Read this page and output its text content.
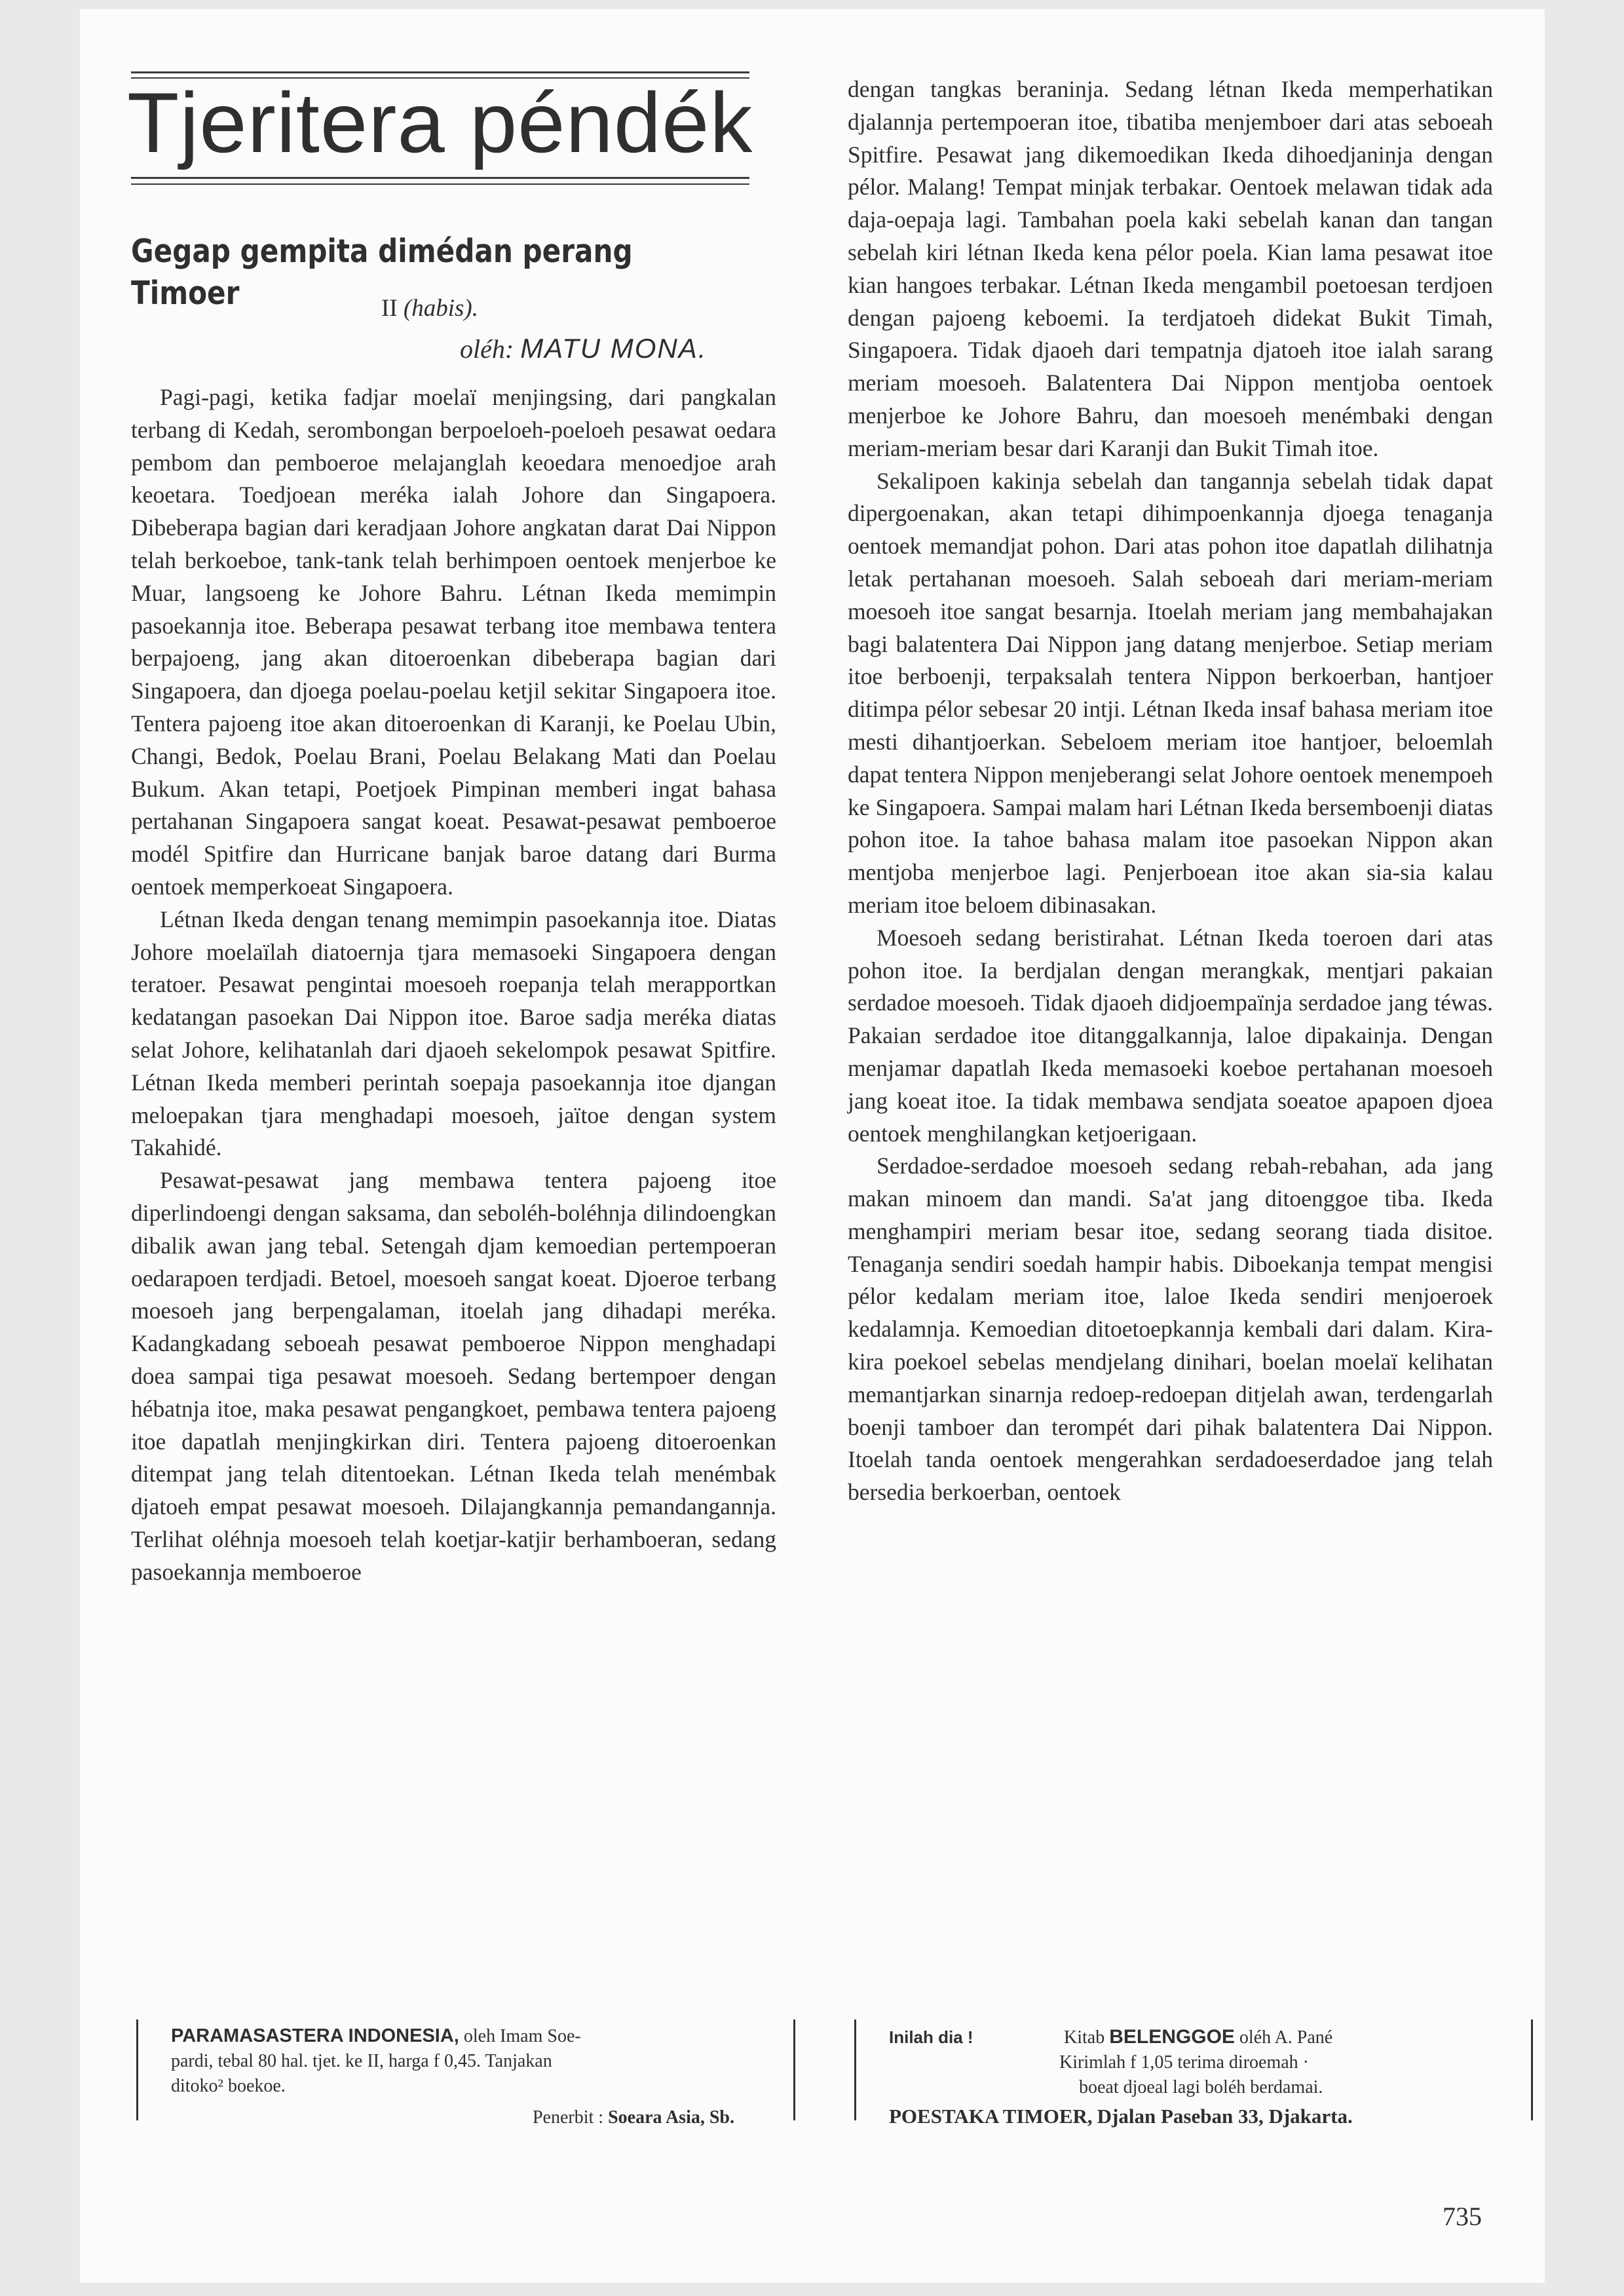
Tjeritera péndék
Gegap gempita dimédan perang Timoer	II (habis).
oléh: MATU MONA.

Pagi-pagi, ketika fadjar moelaï menjingsing, dari pangkalan terbang di Kedah, serombongan berpoeloeh-poeloeh pesawat oedara pembom dan pemboeroe melajanglah keoedara menoedjoe arah keoetara. Toedjoean meréka ialah Johore dan Singapoera. Dibeberapa bagian dari keradjaan Johore angkatan darat Dai Nippon telah berkoeboe, tank-tank telah berhimpoen oentoek menjerboe ke Muar, langsoeng ke Johore Bahru. Létnan Ikeda memimpin pasoekannja itoe. Beberapa pesawat terbang itoe membawa tentera berpajoeng, jang akan ditoeroenkan dibeberapa bagian dari Singapoera, dan djoega poelau-poelau ketjil sekitar Singapoera itoe. Tentera pajoeng itoe akan ditoeroenkan di Karanji, ke Poelau Ubin, Changi, Bedok, Poelau Brani, Poelau Belakang Mati dan Poelau Bukum. Akan tetapi, Poetjoek Pimpinan memberi ingat bahasa pertahanan Singapoera sangat koeat. Pesawat-pesawat pemboeroe modél Spitfire dan Hurricane banjak baroe datang dari Burma oentoek memperkoeat Singapoera.

Létnan Ikeda dengan tenang memimpin pasoekannja itoe. Diatas Johore moelaïlah diatoernja tjara memasoeki Singapoera dengan teratoer. Pesawat pengintai moesoeh roepanja telah merapportkan kedatangan pasoekan Dai Nippon itoe. Baroe sadja meréka diatas selat Johore, kelihatanlah dari djaoeh sekelompok pesawat Spitfire. Létnan Ikeda memberi perintah soepaja pasoekannja itoe djangan meloepakan tjara menghadapi moesoeh, jaïtoe dengan system Takahidé.

Pesawat-pesawat jang membawa tentera pajoeng itoe diperlindoengi dengan saksama, dan seboléh-boléhnja dilindoengkan dibalik awan jang tebal. Setengah djam kemoedian pertempoeran oedarapoen terdjadi. Betoel, moesoeh sangat koeat. Djoeroe terbang moesoeh jang berpengalaman, itoelah jang dihadapi meréka. Kadangkadang seboeah pesawat pemboeroe Nippon menghadapi doea sampai tiga pesawat moesoeh. Sedang bertempoer dengan hébatnja itoe, maka pesawat pengangkoet, pembawa tentera pajoeng itoe dapatlah menjingkirkan diri. Tentera pajoeng ditoeroenkan ditempat jang telah ditentoekan. Létnan Ikeda telah menémbak djatoeh empat pesawat moesoeh. Dilajangkannja pemandangannja. Terlihat oléhnja moesoeh telah koetjar-katjir berhamboeran, sedang pasoekannja memboeroe

dengan tangkas beraninja. Sedang létnan Ikeda memperhatikan djalannja pertempoeran itoe, tibatiba menjemboer dari atas seboeah Spitfire. Pesawat jang dikemoedikan Ikeda dihoedjaninja dengan pélor. Malang! Tempat minjak terbakar. Oentoek melawan tidak ada daja-oepaja lagi. Tambahan poela kaki sebelah kanan dan tangan sebelah kiri létnan Ikeda kena pélor poela. Kian lama pesawat itoe kian hangoes terbakar. Létnan Ikeda mengambil poetoesan terdjoen dengan pajoeng keboemi. Ia terdjatoeh didekat Bukit Timah, Singapoera. Tidak djaoeh dari tempatnja djatoeh itoe ialah sarang meriam moesoeh. Balatentera Dai Nippon mentjoba oentoek menjerboe ke Johore Bahru, dan moesoeh menémbaki dengan meriam-meriam besar dari Karanji dan Bukit Timah itoe.

Sekalipoen kakinja sebelah dan tangannja sebelah tidak dapat dipergoenakan, akan tetapi dihimpoenkannja djoega tenaganja oentoek memandjat pohon. Dari atas pohon itoe dapatlah dilihatnja letak pertahanan moesoeh. Salah seboeah dari meriam-meriam moesoeh itoe sangat besarnja. Itoelah meriam jang membahajakan bagi balatentera Dai Nippon jang datang menjerboe. Setiap meriam itoe berboenji, terpaksalah tentera Nippon berkoerban, hantjoer ditimpa pélor sebesar 20 intji. Létnan Ikeda insaf bahasa meriam itoe mesti dihantjoerkan. Sebeloem meriam itoe hantjoer, beloemlah dapat tentera Nippon menjeberangi selat Johore oentoek menempoeh ke Singapoera. Sampai malam hari Létnan Ikeda bersemboenji diatas pohon itoe. Ia tahoe bahasa malam itoe pasoekan Nippon akan mentjoba menjerboe lagi. Penjerboean itoe akan sia-sia kalau meriam itoe beloem dibinasakan.

Moesoeh sedang beristirahat. Létnan Ikeda toeroen dari atas pohon itoe. Ia berdjalan dengan merangkak, mentjari pakaian serdadoe moesoeh. Tidak djaoeh didjoempaïnja serdadoe jang téwas. Pakaian serdadoe itoe ditanggalkannja, laloe dipakainja. Dengan menjamar dapatlah Ikeda memasoeki koeboe pertahanan moesoeh jang koeat itoe. Ia tidak membawa sendjata soeatoe apapoen djoea oentoek menghilangkan ketjoerigaan.

Serdadoe-serdadoe moesoeh sedang rebah-rebahan, ada jang makan minoem dan mandi. Sa'at jang ditoenggoe tiba. Ikeda menghampiri meriam besar itoe, sedang seorang tiada disitoe. Tenaganja sendiri soedah hampir habis. Diboekanja tempat mengisi pélor kedalam meriam itoe, laloe Ikeda sendiri menjoeroek kedalamnja. Kemoedian ditoetoepkannja kembali dari dalam. Kira-kira poekoel sebelas mendjelang dinihari, boelan moelaï kelihatan memantjarkan sinarnja redoep-redoepan ditjelah awan, terdengarlah boenji tamboer dan terompét dari pihak balatentera Dai Nippon. Itoelah tanda oentoek mengerahkan serdadoeserdadoe jang telah bersedia berkoerban, oentoek

PARAMASASTERA INDONESIA, oleh Imam Soe-
pardi, tebal 80 hal. tjet. ke II, harga f 0,45. Tanjakan
ditoko² boekoe.
Penerbit : Soeara Asia, Sb.
Inilah dia !	Kitab BELENGGOE oléh A. Pané
Kirimlah f 1,05 terima diroemah ·
boeat djoeal lagi boléh berdamai.
POESTAKA TIMOER, Djalan Paseban 33, Djakarta.
735
